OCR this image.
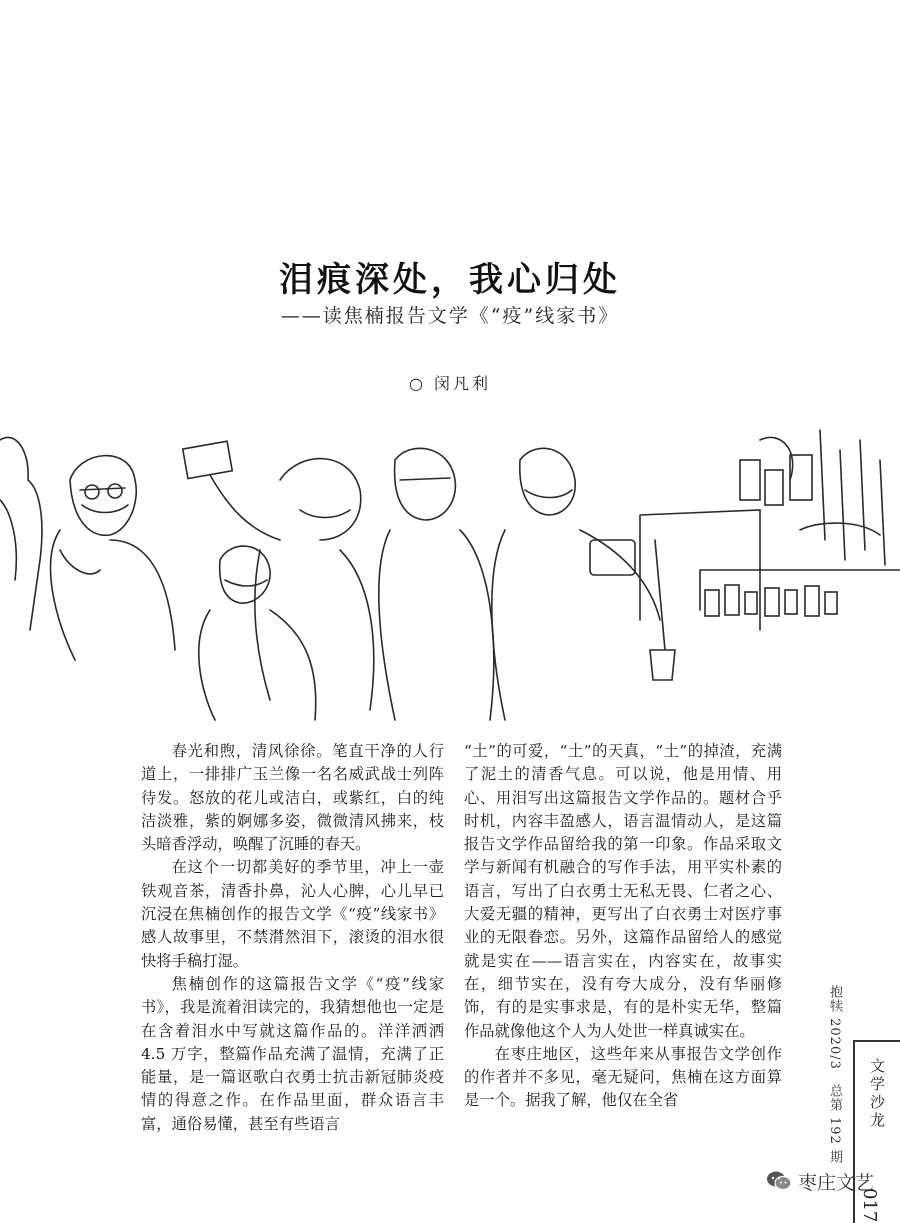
泪痕深处，我心归处
——读焦楠报告文学《“疫”线家书》
○ 闵凡利

春光和煦，清风徐徐。笔直干净的人行道上，一排排广玉兰像一名名威武战士列阵待发。怒放的花儿或洁白，或紫红，白的纯洁淡雅，紫的婀娜多姿，微微清风拂来，枝头暗香浮动，唤醒了沉睡的春天。

在这个一切都美好的季节里，冲上一壶铁观音茶，清香扑鼻，沁人心脾，心儿早已沉浸在焦楠创作的报告文学《“疫”线家书》感人故事里，不禁潸然泪下，滚烫的泪水很快将手稿打湿。

焦楠创作的这篇报告文学《“疫”线家书》，我是流着泪读完的，我猜想他也一定是在含着泪水中写就这篇作品的。洋洋洒洒 4.5 万字，整篇作品充满了温情，充满了正能量，是一篇讴歌白衣勇士抗击新冠肺炎疫情的得意之作。在作品里面，群众语言丰富，通俗易懂，甚至有些语言

“土”的可爱，“土”的天真，“土”的掉渣，充满了泥土的清香气息。可以说，他是用情、用心、用泪写出这篇报告文学作品的。题材合乎时机，内容丰盈感人，语言温情动人，是这篇报告文学作品留给我的第一印象。作品采取文学与新闻有机融合的写作手法，用平实朴素的语言，写出了白衣勇士无私无畏、仁者之心、大爱无疆的精神，更写出了白衣勇士对医疗事业的无限眷恋。另外，这篇作品留给人的感觉就是实在——语言实在，内容实在，故事实在，细节实在，没有夸大成分，没有华丽修饰，有的是实事求是，有的是朴实无华，整篇作品就像他这个人为人处世一样真诚实在。

在枣庄地区，这些年来从事报告文学创作的作者并不多见，毫无疑问，焦楠在这方面算是一个。据我了解，他仅在全省	文学沙龙
抱犊 2020/3　总第 192 期
017
枣庄文艺
